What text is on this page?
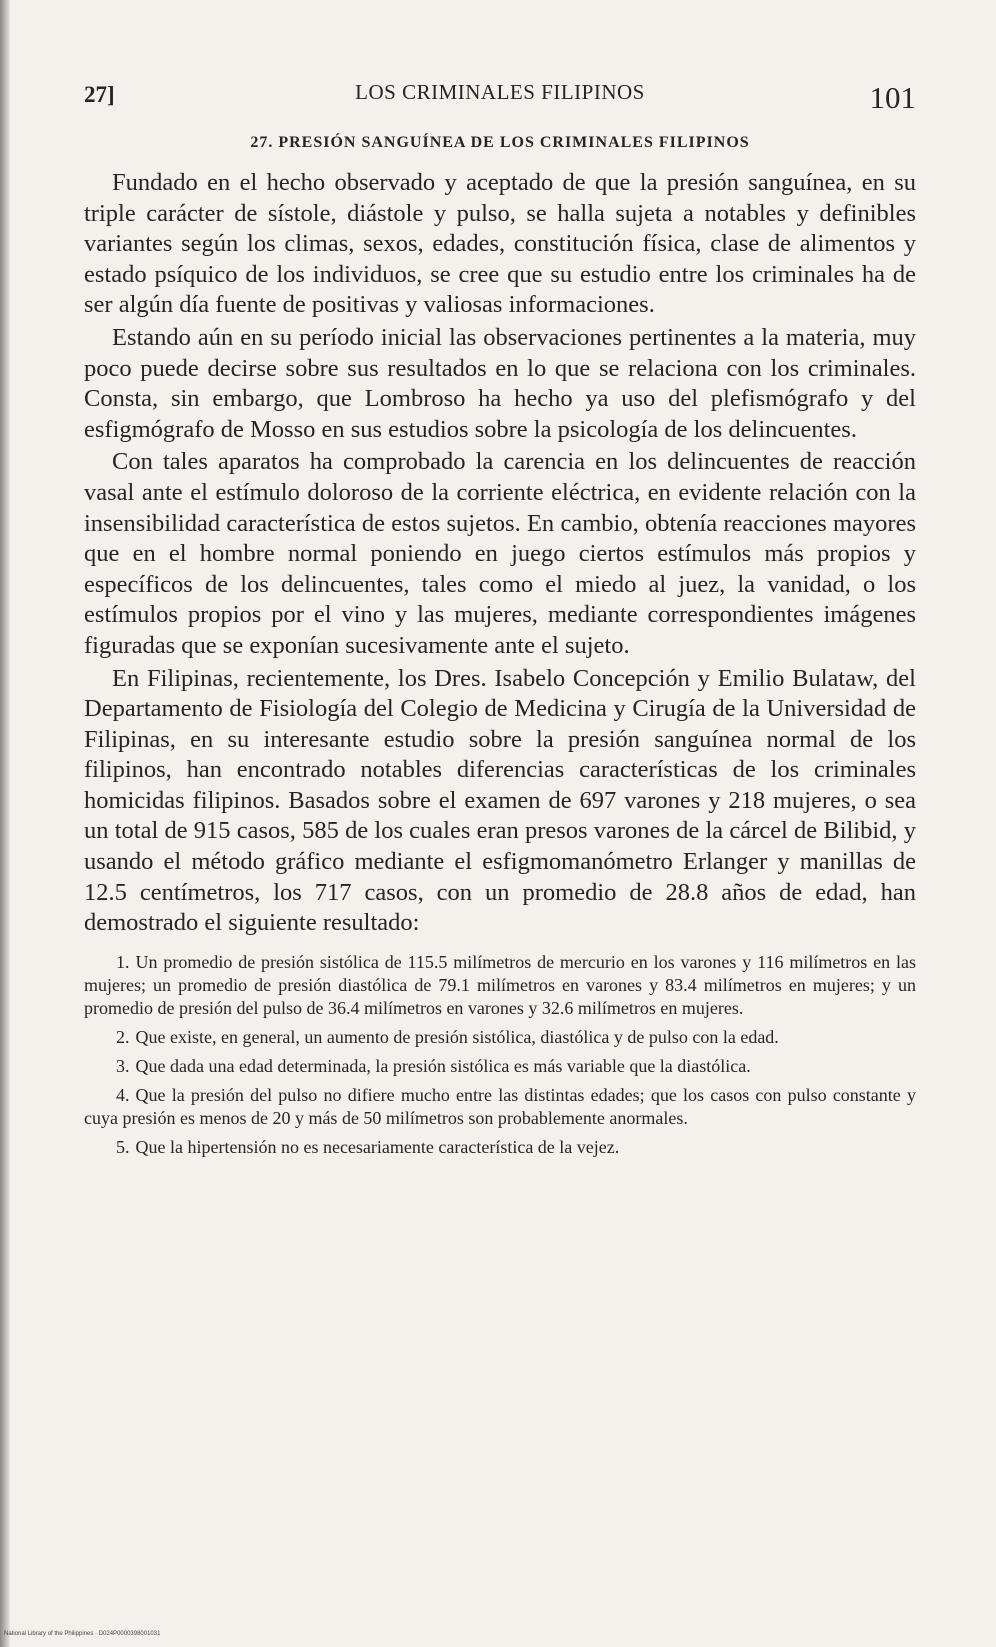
27]	LOS CRIMINALES FILIPINOS	101
27. PRESIÓN SANGUÍNEA DE LOS CRIMINALES FILIPINOS

Fundado en el hecho observado y aceptado de que la presión sanguínea, en su triple carácter de sístole, diástole y pulso, se halla sujeta a notables y definibles variantes según los climas, sexos, edades, constitución física, clase de alimentos y estado psíquico de los individuos, se cree que su estudio entre los criminales ha de ser algún día fuente de positivas y valiosas informaciones.

Estando aún en su período inicial las observaciones pertinentes a la materia, muy poco puede decirse sobre sus resultados en lo que se relaciona con los criminales. Consta, sin embargo, que Lombroso ha hecho ya uso del plefismógrafo y del esfigmógrafo de Mosso en sus estudios sobre la psicología de los delincuentes.

Con tales aparatos ha comprobado la carencia en los delincuentes de reacción vasal ante el estímulo doloroso de la corriente eléctrica, en evidente relación con la insensibilidad característica de estos sujetos. En cambio, obtenía reacciones mayores que en el hombre normal poniendo en juego ciertos estímulos más propios y específicos de los delincuentes, tales como el miedo al juez, la vanidad, o los estímulos propios por el vino y las mujeres, mediante correspondientes imágenes figuradas que se exponían sucesivamente ante el sujeto.

En Filipinas, recientemente, los Dres. Isabelo Concepción y Emilio Bulataw, del Departamento de Fisiología del Colegio de Medicina y Cirugía de la Universidad de Filipinas, en su interesante estudio sobre la presión sanguínea normal de los filipinos, han encontrado notables diferencias características de los criminales homicidas filipinos. Basados sobre el examen de 697 varones y 218 mujeres, o sea un total de 915 casos, 585 de los cuales eran presos varones de la cárcel de Bilibid, y usando el método gráfico mediante el esfigmomanómetro Erlanger y manillas de 12.5 centímetros, los 717 casos, con un promedio de 28.8 años de edad, han demostrado el siguiente resultado:

1. Un promedio de presión sistólica de 115.5 milímetros de mercurio en los varones y 116 milímetros en las mujeres; un promedio de presión diastólica de 79.1 milímetros en varones y 83.4 milímetros en mujeres; y un promedio de presión del pulso de 36.4 milímetros en varones y 32.6 milímetros en mujeres.

2. Que existe, en general, un aumento de presión sistólica, diastólica y de pulso con la edad.

3. Que dada una edad determinada, la presión sistólica es más variable que la diastólica.

4. Que la presión del pulso no difiere mucho entre las distintas edades; que los casos con pulso constante y cuya presión es menos de 20 y más de 50 milímetros son probablemente anormales.

5. Que la hipertensión no es necesariamente característica de la vejez.

National Library of the Philippines · D024P0000398001031
